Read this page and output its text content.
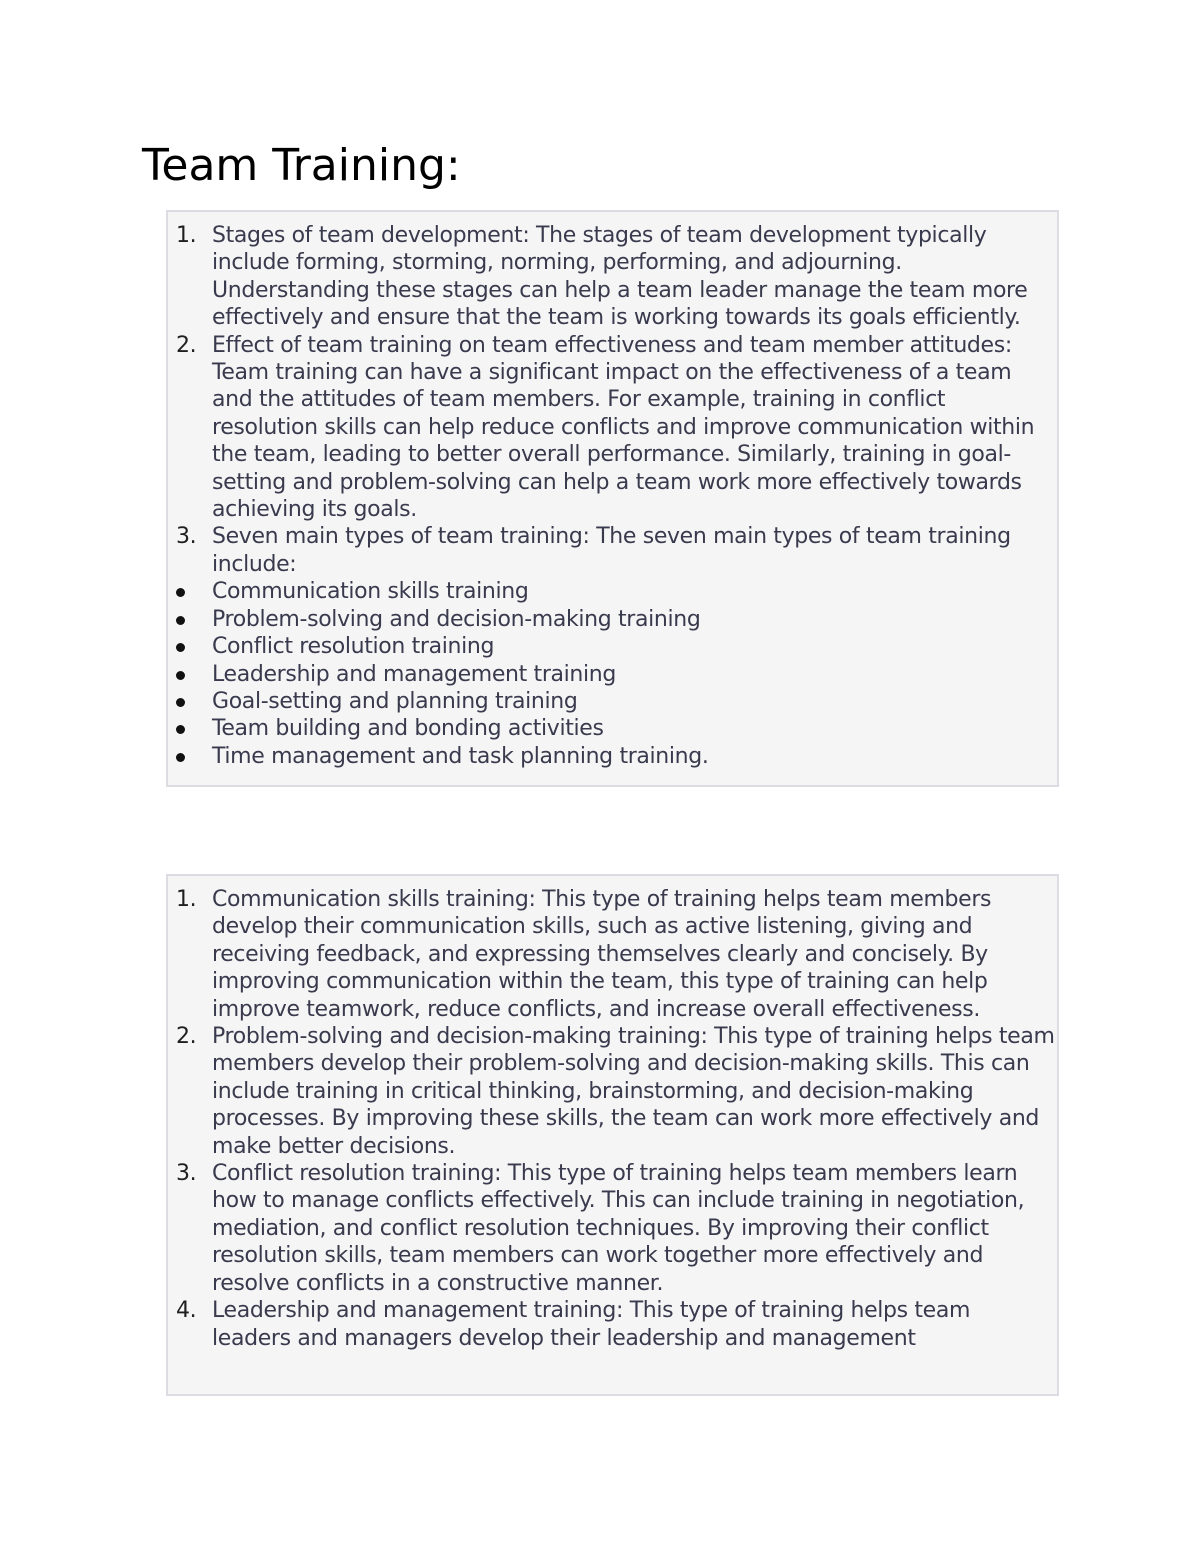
Team Training:
1. Stages of team development: The stages of team development typically include forming, storming, norming, performing, and adjourning. Understanding these stages can help a team leader manage the team more effectively and ensure that the team is working towards its goals efficiently.
2. Effect of team training on team effectiveness and team member attitudes: Team training can have a significant impact on the effectiveness of a team and the attitudes of team members. For example, training in conflict resolution skills can help reduce conflicts and improve communication within the team, leading to better overall performance. Similarly, training in goal-setting and problem-solving can help a team work more effectively towards achieving its goals.
3. Seven main types of team training: The seven main types of team training include:
Communication skills training
Problem-solving and decision-making training
Conflict resolution training
Leadership and management training
Goal-setting and planning training
Team building and bonding activities
Time management and task planning training.
1. Communication skills training: This type of training helps team members develop their communication skills, such as active listening, giving and receiving feedback, and expressing themselves clearly and concisely. By improving communication within the team, this type of training can help improve teamwork, reduce conflicts, and increase overall effectiveness.
2. Problem-solving and decision-making training: This type of training helps team members develop their problem-solving and decision-making skills. This can include training in critical thinking, brainstorming, and decision-making processes. By improving these skills, the team can work more effectively and make better decisions.
3. Conflict resolution training: This type of training helps team members learn how to manage conflicts effectively. This can include training in negotiation, mediation, and conflict resolution techniques. By improving their conflict resolution skills, team members can work together more effectively and resolve conflicts in a constructive manner.
4. Leadership and management training: This type of training helps team leaders and managers develop their leadership and management
